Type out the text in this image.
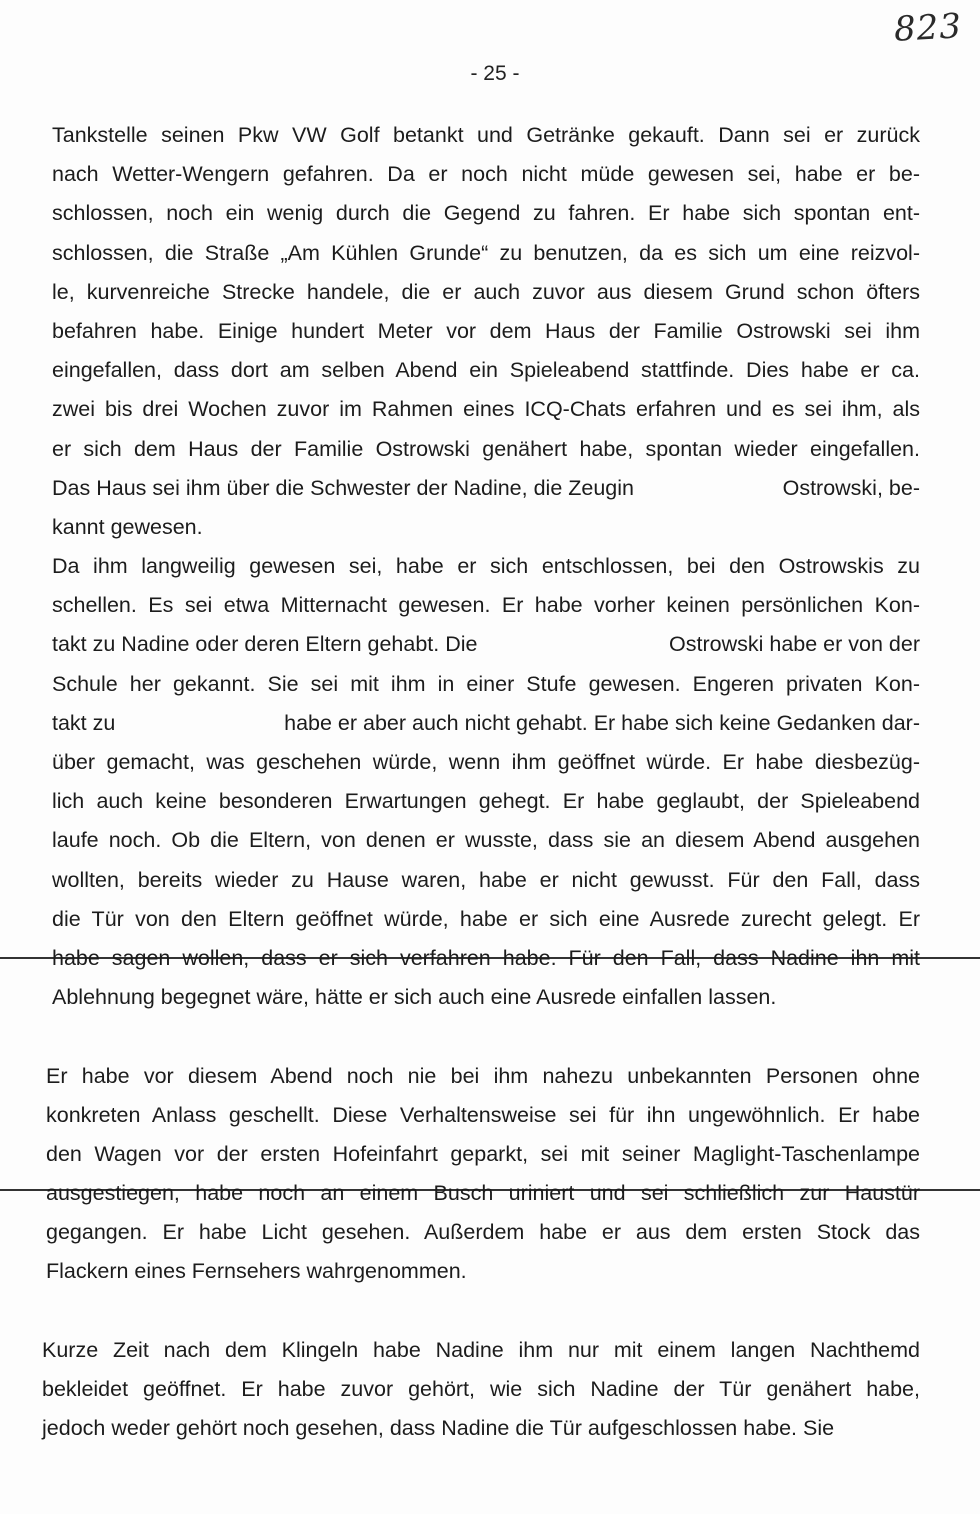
823
- 25 -
Tankstelle seinen Pkw VW Golf betankt und Getränke gekauft. Dann sei er zurück
nach Wetter-Wengern gefahren. Da er noch nicht müde gewesen sei, habe er be-
schlossen, noch ein wenig durch die Gegend zu fahren. Er habe sich spontan ent-
schlossen, die Straße „Am Kühlen Grunde“ zu benutzen, da es sich um eine reizvol-
le, kurvenreiche Strecke handele, die er auch zuvor aus diesem Grund schon öfters
befahren habe. Einige hundert Meter vor dem Haus der Familie Ostrowski sei ihm
eingefallen, dass dort am selben Abend ein Spieleabend stattfinde. Dies habe er ca.
zwei bis drei Wochen zuvor im Rahmen eines ICQ-Chats erfahren und es sei ihm, als
er sich dem Haus der Familie Ostrowski genähert habe, spontan wieder eingefallen.
Das Haus sei ihm über die Schwester der Nadine, die Zeugin	Ostrowski, be-
kannt gewesen.
Da ihm langweilig gewesen sei, habe er sich entschlossen, bei den Ostrowskis zu
schellen. Es sei etwa Mitternacht gewesen. Er habe vorher keinen persönlichen Kon-
takt zu Nadine oder deren Eltern gehabt. Die	Ostrowski habe er von der
Schule her gekannt. Sie sei mit ihm in einer Stufe gewesen. Engeren privaten Kon-
takt zu	habe er aber auch nicht gehabt. Er habe sich keine Gedanken dar-
über gemacht, was geschehen würde, wenn ihm geöffnet würde. Er habe diesbezüg-
lich auch keine besonderen Erwartungen gehegt. Er habe geglaubt, der Spieleabend
laufe noch. Ob die Eltern, von denen er wusste, dass sie an diesem Abend ausgehen
wollten, bereits wieder zu Hause waren, habe er nicht gewusst. Für den Fall, dass
die Tür von den Eltern geöffnet würde, habe er sich eine Ausrede zurecht gelegt. Er
habe sagen wollen, dass er sich verfahren habe. Für den Fall, dass Nadine ihn mit
Ablehnung begegnet wäre, hätte er sich auch eine Ausrede einfallen lassen.
Er habe vor diesem Abend noch nie bei ihm nahezu unbekannten Personen ohne
konkreten Anlass geschellt. Diese Verhaltensweise sei für ihn ungewöhnlich. Er habe
den Wagen vor der ersten Hofeinfahrt geparkt, sei mit seiner Maglight-Taschenlampe
ausgestiegen, habe noch an einem Busch uriniert und sei schließlich zur Haustür
gegangen. Er habe Licht gesehen. Außerdem habe er aus dem ersten Stock das
Flackern eines Fernsehers wahrgenommen.
Kurze Zeit nach dem Klingeln habe Nadine ihm nur mit einem langen Nachthemd
bekleidet geöffnet. Er habe zuvor gehört, wie sich Nadine der Tür genähert habe,
jedoch weder gehört noch gesehen, dass Nadine die Tür aufgeschlossen habe. Sie
